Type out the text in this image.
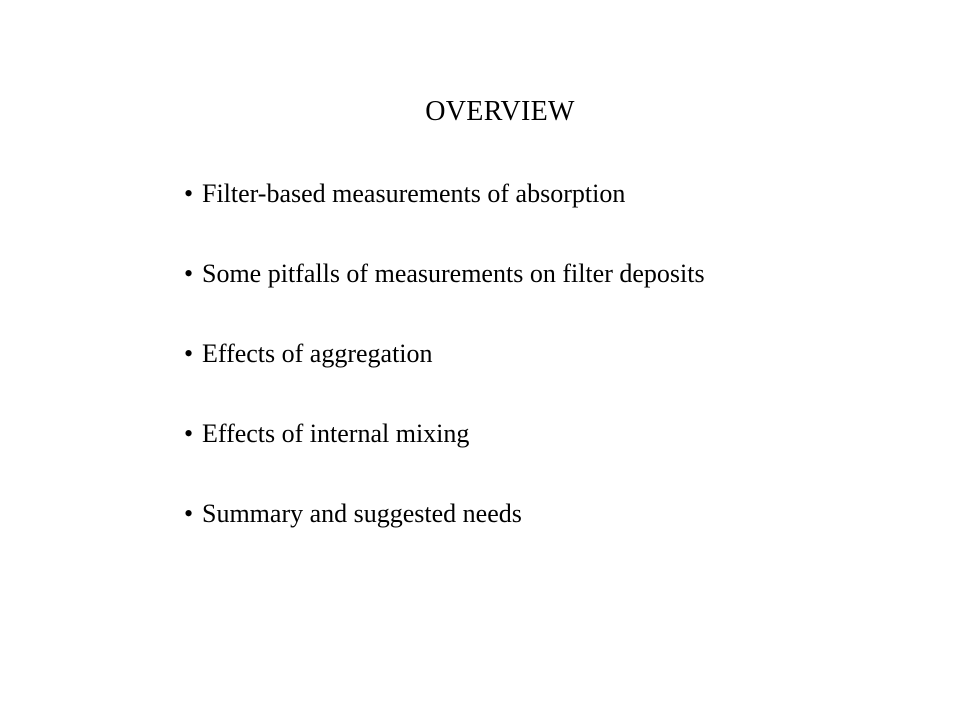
OVERVIEW
• Filter-based measurements of absorption
• Some pitfalls of measurements on filter deposits
• Effects of aggregation
• Effects of internal mixing
• Summary and suggested needs
